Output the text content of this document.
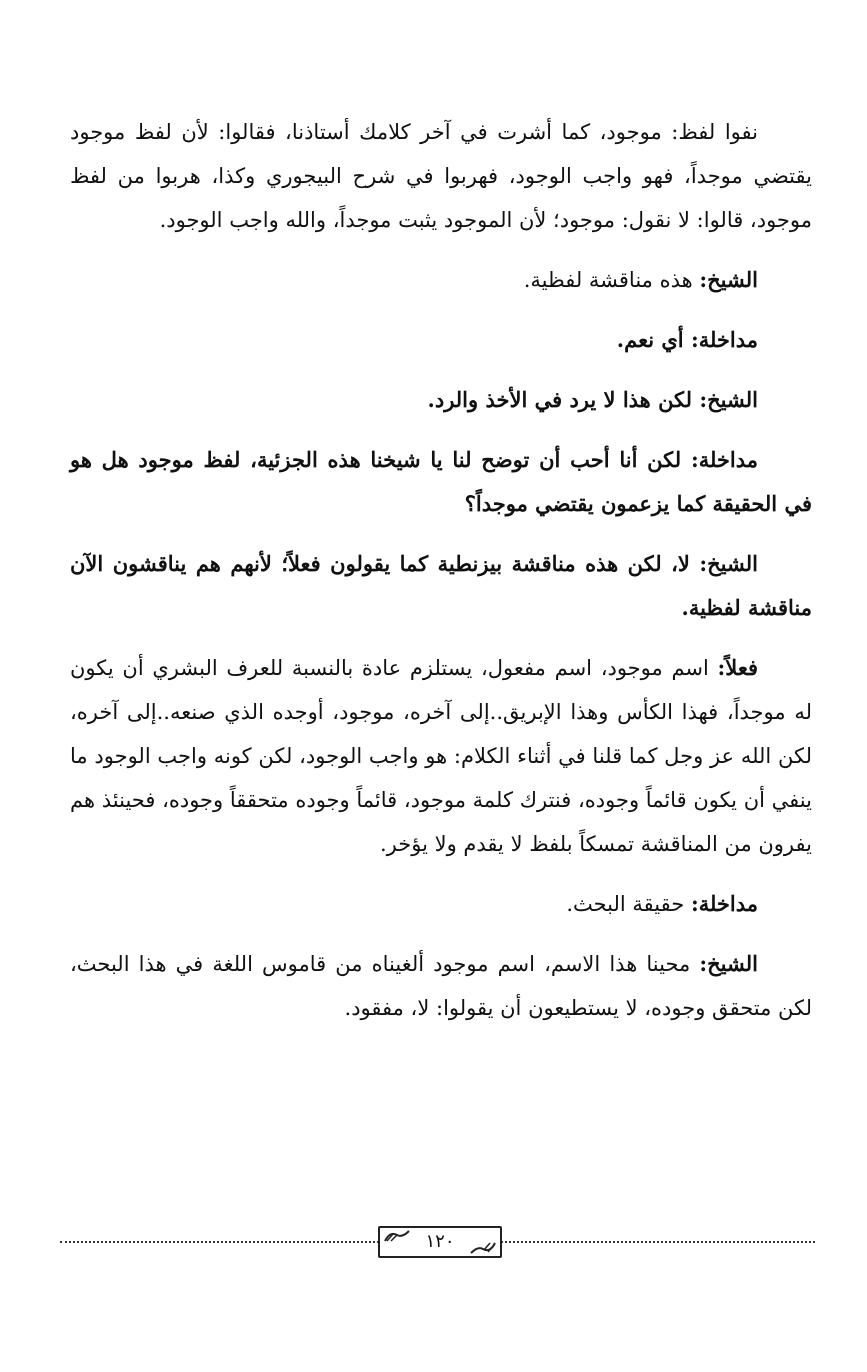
نفوا لفظ: موجود، كما أشرت في آخر كلامك أستاذنا، فقالوا: لأن لفظ موجود يقتضي موجداً، فهو واجب الوجود، فهربوا في شرح البيجوري وكذا، هربوا من لفظ موجود، قالوا: لا نقول: موجود؛ لأن الموجود يثبت موجداً، والله واجب الوجود.

الشيخ: هذه مناقشة لفظية.

مداخلة: أي نعم.

الشيخ: لكن هذا لا يرد في الأخذ والرد.

مداخلة: لكن أنا أحب أن توضح لنا يا شيخنا هذه الجزئية، لفظ موجود هل هو في الحقيقة كما يزعمون يقتضي موجداً؟

الشيخ: لا، لكن هذه مناقشة بيزنطية كما يقولون فعلاً؛ لأنهم هم يناقشون الآن مناقشة لفظية.

فعلاً: اسم موجود، اسم مفعول، يستلزم عادة بالنسبة للعرف البشري أن يكون له موجداً، فهذا الكأس وهذا الإبريق..إلى آخره، موجود، أوجده الذي صنعه..إلى آخره، لكن الله عز وجل كما قلنا في أثناء الكلام: هو واجب الوجود، لكن كونه واجب الوجود ما ينفي أن يكون قائماً وجوده، فنترك كلمة موجود، قائماً وجوده متحققاً وجوده، فحينئذ هم يفرون من المناقشة تمسكاً بلفظ لا يقدم ولا يؤخر.

مداخلة: حقيقة البحث.

الشيخ: محينا هذا الاسم، اسم موجود ألغيناه من قاموس اللغة في هذا البحث، لكن متحقق وجوده، لا يستطيعون أن يقولوا: لا، مفقود.

١٢٠
